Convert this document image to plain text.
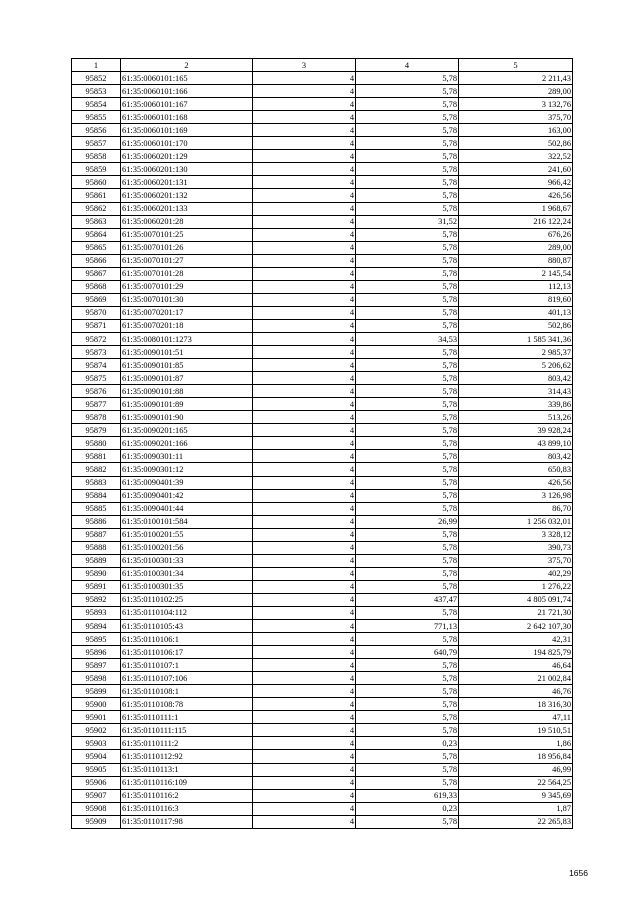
1	2	3	4	5
95852	61:35:0060101:165	4	5,78	2 211,43
95853	61:35:0060101:166	4	5,78	289,00
95854	61:35:0060101:167	4	5,78	3 132,76
95855	61:35:0060101:168	4	5,78	375,70
95856	61:35:0060101:169	4	5,78	163,00
95857	61:35:0060101:170	4	5,78	502,86
95858	61:35:0060201:129	4	5,78	322,52
95859	61:35:0060201:130	4	5,78	241,60
95860	61:35:0060201:131	4	5,78	966,42
95861	61:35:0060201:132	4	5,78	426,56
95862	61:35:0060201:133	4	5,78	1 968,67
95863	61:35:0060201:28	4	31,52	216 122,24
95864	61:35:0070101:25	4	5,78	676,26
95865	61:35:0070101:26	4	5,78	289,00
95866	61:35:0070101:27	4	5,78	880,87
95867	61:35:0070101:28	4	5,78	2 145,54
95868	61:35:0070101:29	4	5,78	112,13
95869	61:35:0070101:30	4	5,78	819,60
95870	61:35:0070201:17	4	5,78	401,13
95871	61:35:0070201:18	4	5,78	502,86
95872	61:35:0080101:1273	4	34,53	1 585 341,36
95873	61:35:0090101:51	4	5,78	2 985,37
95874	61:35:0090101:85	4	5,78	5 206,62
95875	61:35:0090101:87	4	5,78	803,42
95876	61:35:0090101:88	4	5,78	314,43
95877	61:35:0090101:89	4	5,78	339,86
95878	61:35:0090101:90	4	5,78	513,26
95879	61:35:0090201:165	4	5,78	39 928,24
95880	61:35:0090201:166	4	5,78	43 899,10
95881	61:35:0090301:11	4	5,78	803,42
95882	61:35:0090301:12	4	5,78	650,83
95883	61:35:0090401:39	4	5,78	426,56
95884	61:35:0090401:42	4	5,78	3 126,98
95885	61:35:0090401:44	4	5,78	86,70
95886	61:35:0100101:584	4	26,99	1 256 032,01
95887	61:35:0100201:55	4	5,78	3 328,12
95888	61:35:0100201:56	4	5,78	390,73
95889	61:35:0100301:33	4	5,78	375,70
95890	61:35:0100301:34	4	5,78	402,29
95891	61:35:0100301:35	4	5,78	1 276,22
95892	61:35:0110102:25	4	437,47	4 805 091,74
95893	61:35:0110104:112	4	5,78	21 721,30
95894	61:35:0110105:43	4	771,13	2 642 107,30
95895	61:35:0110106:1	4	5,78	42,31
95896	61:35:0110106:17	4	640,79	194 825,79
95897	61:35:0110107:1	4	5,78	46,64
95898	61:35:0110107:106	4	5,78	21 002,84
95899	61:35:0110108:1	4	5,78	46,76
95900	61:35:0110108:78	4	5,78	18 316,30
95901	61:35:0110111:1	4	5,78	47,11
95902	61:35:0110111:115	4	5,78	19 510,51
95903	61:35:0110111:2	4	0,23	1,86
95904	61:35:0110112:92	4	5,78	18 956,84
95905	61:35:0110113:1	4	5,78	46,99
95906	61:35:0110116:109	4	5,78	22 564,25
95907	61:35:0110116:2	4	619,33	9 345,69
95908	61:35:0110116:3	4	0,23	1,87
95909	61:35:0110117:98	4	5,78	22 265,83
1656
